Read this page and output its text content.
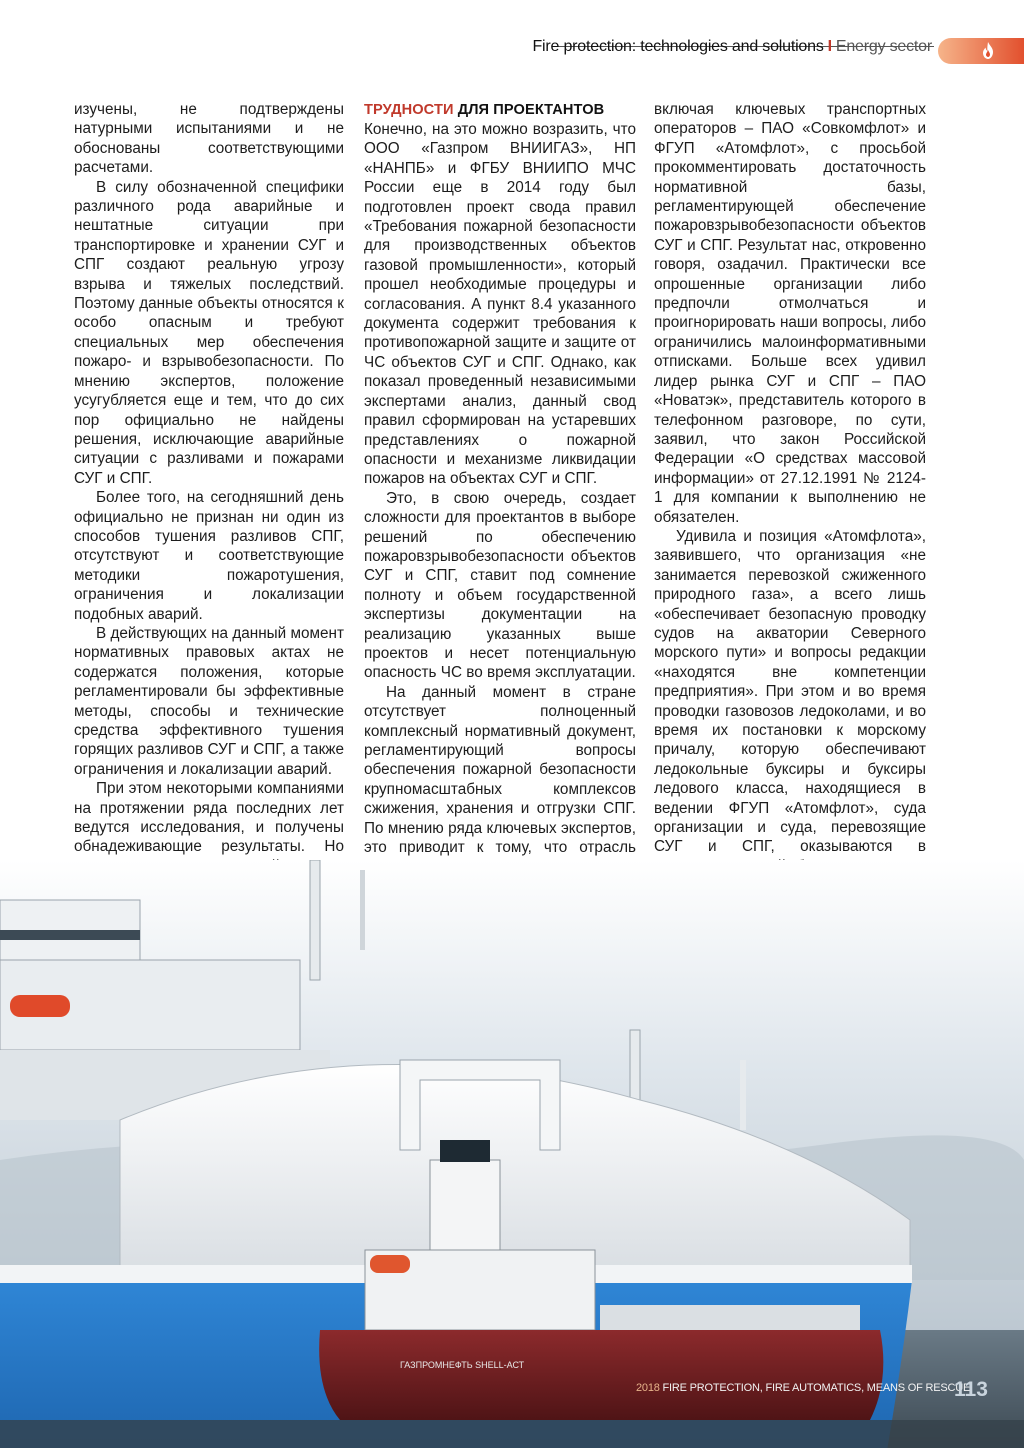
Fire protection: technologies and solutions I Energy sector

изучены, не подтверждены натурными испытаниями и не обоснованы соответствующими расчетами.

В силу обозначенной специфики различного рода аварийные и нештатные ситуации при транспортировке и хранении СУГ и СПГ создают реальную угрозу взрыва и тяжелых последствий. Поэтому данные объекты относятся к особо опасным и требуют специальных мер обеспечения пожаро- и взрывобезопасности. По мнению экспертов, положение усугубляется еще и тем, что до сих пор официально не найдены решения, исключающие аварийные ситуации с разливами и пожарами СУГ и СПГ.

Более того, на сегодняшний день официально не признан ни один из способов тушения разливов СПГ, отсутствуют и соответствующие методики пожаротушения, ограничения и локализации подобных аварий.

В действующих на данный момент нормативных правовых актах не содержатся положения, которые регламентировали бы эффективные методы, способы и технические средства эффективного тушения горящих разливов СУГ и СПГ, а также ограничения и локализации аварий.

При этом некоторыми компаниями на протяжении ряда последних лет ведутся исследования, и получены обнадеживающие результаты. Но

ТРУДНОСТИ ДЛЯ ПРОЕКТАНТОВ

Конечно, на это можно возразить, что ООО «Газпром ВНИИГАЗ», НП «НАНПБ» и ФГБУ ВНИИПО МЧС России еще в 2014 году был подготовлен проект свода правил «Требования пожарной безопасности для производственных объектов газовой промышленности», который прошел необходимые процедуры и согласования. А пункт 8.4 указанного документа содержит требования к противопожарной защите и защите от ЧС объектов СУГ и СПГ. Однако, как показал проведенный независимыми экспертами анализ, данный свод правил сформирован на устаревших представлениях о пожарной опасности и механизме ликвидации пожаров на объектах СУГ и СПГ.

Это, в свою очередь, создает сложности для проектантов в выборе решений по обеспечению пожаровзрывобезопасности объектов СУГ и СПГ, ставит под сомнение полноту и объем государственной экспертизы документации на реализацию указанных выше проектов и несет потенциальную опасность ЧС во время эксплуатации.

На данный момент в стране отсутствует полноценный комплексный нормативный документ, регламентирующий вопросы обеспечения пожарной безопасности крупномасштабных комплексов сжижения, хранения и отгрузки СПГ. По мнению ряда ключевых экспертов, это приводит к тому, что отрасль

включая ключевых транспортных операторов – ПАО «Совкомфлот» и ФГУП «Атомфлот», с просьбой прокомментировать достаточность нормативной базы, регламентирующей обеспечение пожаровзрывобезопасности объектов СУГ и СПГ. Результат нас, откровенно говоря, озадачил. Практически все опрошенные организации либо предпочли отмолчаться и проигнорировать наши вопросы, либо ограничились малоинформативными отписками. Больше всех удивил лидер рынка СУГ и СПГ – ПАО «Новатэк», представитель которого в телефонном разговоре, по сути, заявил, что закон Российской Федерации «О средствах массовой информации» от 27.12.1991 № 2124-1 для компании к выполнению не обязателен.

Удивила и позиция «Атомфлота», заявившего, что организация «не занимается перевозкой сжиженного природного газа», а всего лишь «обеспечивает безопасную проводку судов на акватории Северного морского пути» и вопросы редакции «находятся вне компетенции предприятия». При этом и во время проводки газовозов ледоколами, и во время их постановки к морскому причалу, которую обеспечивают ледокольные буксиры и буксиры ледового класса, находящиеся в ведении ФГУП «Атомфлот», суда организации и суда, перевозящие СУГ и СПГ, оказываются в

ГАЗПРОМНЕФТЬ SHELL-АСТ
2018 FIRE PROTECTION, FIRE AUTOMATICS, MEANS OF RESCUE
113
